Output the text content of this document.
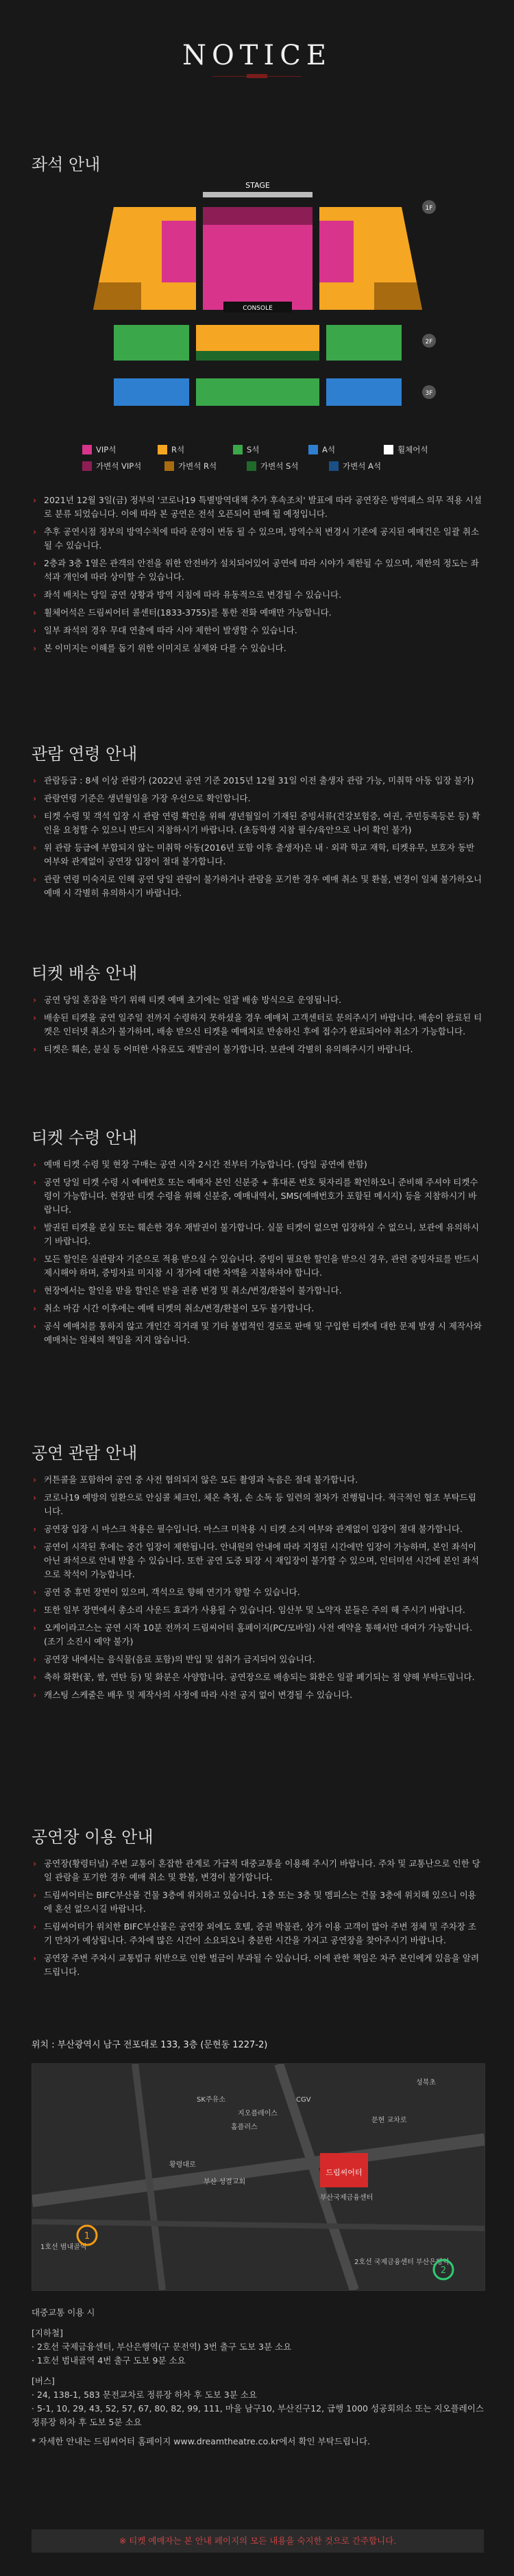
NOTICE
좌석 안내
STAGE
CONSOLE
1F
2F
3F
VIP석	R석	S석	A석	휠체어석
가변석 VIP석	가변석 R석	가변석 S석	가변석 A석
› 2021년 12월 3일(금) 정부의 '코로나19 특별방역대책 추가 후속조치' 발표에 따라 공연장은 방역패스 의무 적용 시설로 분류 되었습니다. 이에 따라 본 공연은 전석 오픈되어 판매 될 예정입니다.
› 추후 공연시점 정부의 방역수칙에 따라 운영이 변동 될 수 있으며, 방역수칙 변경시 기존에 공지된 예매건은 일괄 취소 될 수 있습니다.
› 2층과 3층 1열은 관객의 안전을 위한 안전바가 설치되어있어 공연에 따라 시야가 제한될 수 있으며, 제한의 정도는 좌석과 개인에 따라 상이할 수 있습니다.
› 좌석 배치는 당일 공연 상황과 방역 지침에 따라 유동적으로 변경될 수 있습니다.
› 휠체어석은 드림씨어터 콜센터(1833-3755)를 통한 전화 예매만 가능합니다.
› 일부 좌석의 경우 무대 연출에 따라 시야 제한이 발생할 수 있습니다.
› 본 이미지는 이해를 돕기 위한 이미지로 실제와 다를 수 있습니다.
관람 연령 안내
› 관람등급 : 8세 이상 관람가 (2022년 공연 기준 2015년 12월 31일 이전 출생자 관람 가능, 미취학 아동 입장 불가)
› 관람연령 기준은 생년월일을 가장 우선으로 확인합니다.
› 티켓 수령 및 객석 입장 시 관람 연령 확인을 위해 생년월일이 기재된 증빙서류(건강보험증, 여권, 주민등록등본 등) 확인을 요청할 수 있으니 반드시 지참하시기 바랍니다. (초등학생 지참 필수/육안으로 나이 확인 불가)
› 위 관람 등급에 부합되지 않는 미취학 아동(2016년 포함 이후 출생자)은 내 · 외곽 학교 재학, 티켓유무, 보호자 동반 여부와 관계없이 공연장 입장이 절대 불가합니다.
› 관람 연령 미숙지로 인해 공연 당일 관람이 불가하거나 관람을 포기한 경우 예매 취소 및 환불, 변경이 일체 불가하오니 예매 시 각별히 유의하시기 바랍니다.
티켓 배송 안내
› 공연 당일 혼잡을 막기 위해 티켓 예매 초기에는 일괄 배송 방식으로 운영됩니다.
› 배송된 티켓을 공연 일주일 전까지 수령하지 못하셨을 경우 예매처 고객센터로 문의주시기 바랍니다. 배송이 완료된 티켓은 인터넷 취소가 불가하며, 배송 받으신 티켓을 예매처로 반송하신 후에 접수가 완료되어야 취소가 가능합니다.
› 티켓은 훼손, 분실 등 어떠한 사유로도 재발권이 불가합니다. 보관에 각별히 유의해주시기 바랍니다.
티켓 수령 안내
› 예매 티켓 수령 및 현장 구매는 공연 시작 2시간 전부터 가능합니다. (당일 공연에 한함)
› 공연 당일 티켓 수령 시 예매번호 또는 예매자 본인 신분증 + 휴대폰 번호 뒷자리를 확인하오니 준비해 주셔야 티켓수령이 가능합니다. 현장판 티켓 수령을 위해 신분증, 예매내역서, SMS(예매번호가 포함된 메시지) 등을 지참하시기 바랍니다.
› 발권된 티켓을 분실 또는 훼손한 경우 재발권이 불가합니다. 실물 티켓이 없으면 입장하실 수 없으니, 보관에 유의하시기 바랍니다.
› 모든 할인은 실관람자 기준으로 적용 받으실 수 있습니다. 증빙이 필요한 할인을 받으신 경우, 관련 증빙자료를 반드시 제시해야 하며, 증빙자료 미지참 시 정가에 대한 차액을 지불하셔야 합니다.
› 현장에서는 할인을 받을 할인은 받을 권종 변경 및 취소/변경/환불이 불가합니다.
› 취소 마감 시간 이후에는 예매 티켓의 취소/변경/환불이 모두 불가합니다.
› 공식 예매처를 통하지 않고 개인간 직거래 및 기타 불법적인 경로로 판매 및 구입한 티켓에 대한 문제 발생 시 제작사와 예매처는 일체의 책임을 지지 않습니다.
공연 관람 안내
› 커튼콜을 포함하여 공연 중 사전 협의되지 않은 모든 촬영과 녹음은 절대 불가합니다.
› 코로나19 예방의 일환으로 안심콜 체크인, 체온 측정, 손 소독 등 일련의 절차가 진행됩니다. 적극적인 협조 부탁드립니다.
› 공연장 입장 시 마스크 착용은 필수입니다. 마스크 미착용 시 티켓 소지 여부와 관계없이 입장이 절대 불가합니다.
› 공연이 시작된 후에는 중간 입장이 제한됩니다. 안내원의 안내에 따라 지정된 시간에만 입장이 가능하며, 본인 좌석이 아닌 좌석으로 안내 받을 수 있습니다. 또한 공연 도중 퇴장 시 재입장이 불가할 수 있으며, 인터미션 시간에 본인 좌석으로 착석이 가능합니다.
› 공연 중 휴먼 장면이 있으며, 객석으로 향해 연기가 향할 수 있습니다.
› 또한 일부 장면에서 총소리 사운드 효과가 사용될 수 있습니다. 임산부 및 노약자 분들은 주의 해 주시기 바랍니다.
› 오케이라고스는 공연 시작 10분 전까지 드림씨어터 홈페이지(PC/모바일) 사전 예약을 통해서만 대여가 가능합니다. (조기 소진시 예약 불가)
› 공연장 내에서는 음식물(음료 포함)의 반입 및 섭취가 금지되어 있습니다.
› 축하 화환(꽃, 쌀, 연탄 등) 및 화분은 사양합니다. 공연장으로 배송되는 화환은 일괄 폐기되는 점 양해 부탁드립니다.
› 캐스팅 스케줄은 배우 및 제작사의 사정에 따라 사전 공지 없이 변경될 수 있습니다.
공연장 이용 안내
› 공연장(황령터널) 주변 교통이 혼잡한 관계로 가급적 대중교통을 이용해 주시기 바랍니다. 주차 및 교통난으로 인한 당일 관람을 포기한 경우 예매 취소 및 환불, 변경이 불가합니다.
› 드림씨어터는 BIFC부산몰 건물 3층에 위치하고 있습니다. 1층 또는 3층 및 멤피스는 건물 3층에 위치해 있으니 이용에 혼선 없으시길 바랍니다.
› 드림씨어터가 위치한 BIFC부산몰은 공연장 외에도 호텔, 증권 박물관, 상가 이용 고객이 많아 주변 정체 및 주차장 조기 만차가 예상됩니다. 주차에 많은 시간이 소요되오니 충분한 시간을 가지고 공연장을 찾아주시기 바랍니다.
› 공연장 주변 주차시 교통법규 위반으로 인한 벌금이 부과될 수 있습니다. 이에 관한 책임은 차주 본인에게 있음을 알려드립니다.
위치 : 부산광역시 남구 전포대로 133, 3층 (문현동 1227-2)
드림씨어터
성북초
SK주유소	CGV
지오플레이스
홈플러스
문현 교차로
부산국제금융센터
부산 성결교회
황령대로
2호선 국제금융센터 부산은행역
1호선 범내골역
1
2

대중교통 이용 시

[지하철]

· 2호선 국제금융센터, 부산은행역(구 문전역) 3번 출구 도보 3분 소요

· 1호선 범내골역 4번 출구 도보 9분 소요

[버스]

· 24, 138-1, 583 문전교차로 정류장 하차 후 도보 3분 소요

· 5-1, 10, 29, 43, 52, 57, 67, 80, 82, 99, 111, 마을 남구10, 부산진구12, 급행 1000 성공회의소 또는 지오플레이스 정류장 하차 후 도보 5분 소요

* 자세한 안내는 드림씨어터 홈페이지 www.dreamtheatre.co.kr에서 확인 부탁드립니다.

※ 티켓 예매자는 본 안내 페이지의 모든 내용을 숙지한 것으로 간주합니다.
